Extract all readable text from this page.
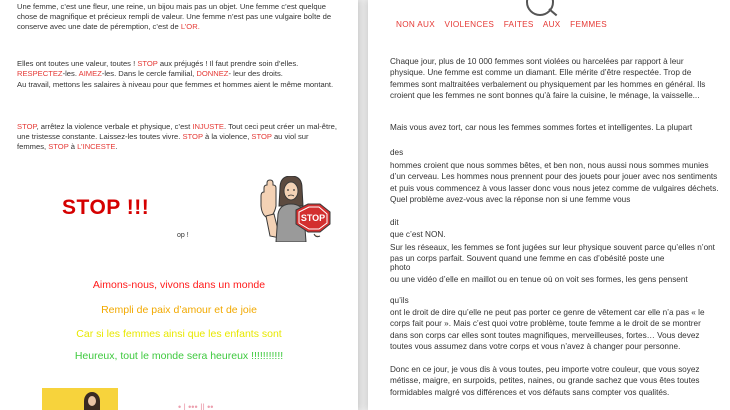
Une femme, c’est une fleur, une reine, un bijou mais pas un objet. Une femme c’est quelque chose de magnifique et précieux rempli de valeur. Une femme n’est pas une vulgaire boîte de conserve avec une date de péremption, c’est de L’OR.
Elles ont toutes une valeur, toutes ! STOP aux préjugés ! Il faut prendre soin d’elles. RESPECTEZ-les. AIMEZ-les. Dans le cercle familial, DONNEZ- leur des droits.
Au travail, mettons les salaires à niveau pour que femmes et hommes aient le même montant.
STOP, arrêtez la violence verbale et physique, c’est INJUSTE. Tout ceci peut créer un mal-être, une tristesse constante. Laissez-les toutes vivre. STOP à la violence, STOP au viol sur femmes, STOP à L’INCESTE.
STOP !!!
op !
STOP
Aimons-nous, vivons dans un monde
Rempli de paix d’amour et de joie
Car si les femmes ainsi que les enfants sont
Heureux, tout le monde sera heureux !!!!!!!!!!!
• l ••• Il ••
NON AUX VIOLENCES FAITES AUX FEMMES
Chaque jour, plus de 10 000 femmes sont violées ou harcelées par rapport à leur physique. Une femme est comme un diamant. Elle mérite d’être respectée. Trop de femmes sont maltraitées verbalement ou physiquement par les hommes en général. Ils croient que les femmes ne sont bonnes qu’à faire la cuisine, le ménage, la vaisselle...
Mais vous avez tort, car nous les femmes sommes fortes et intelligentes. La plupart
des
hommes croient que nous sommes bêtes, et ben non, nous aussi nous sommes munies d’un cerveau. Les hommes nous prennent pour des jouets pour jouer avec nos sentiments et puis vous commencez à vous lasser donc vous nous jetez comme de vulgaires déchets. Quel problème avez-vous avec la réponse non si une femme vous
dit
que c’est NON.
Sur les réseaux, les femmes se font jugées sur leur physique souvent parce qu’elles n’ont pas un corps parfait. Souvent quand une femme en cas d’obésité poste une
photo
ou une vidéo d’elle en maillot ou en tenue où on voit ses formes, les gens pensent
qu’ils
ont le droit de dire qu’elle ne peut pas porter ce genre de vêtement car elle n’a pas « le corps fait pour ». Mais c’est quoi votre problème, toute femme a le droit de se montrer dans son corps car elles sont toutes magnifiques, merveilleuses, fortes… Vous devez toutes vous assumez dans votre corps et vous n’avez à changer pour personne.
Donc en ce jour, je vous dis à vous toutes, peu importe votre couleur, que vous soyez métisse, maigre, en surpoids, petites, naines, ou grande sachez que vous êtes toutes formidables malgré vos différences et vos défauts sans compter vos qualités.
